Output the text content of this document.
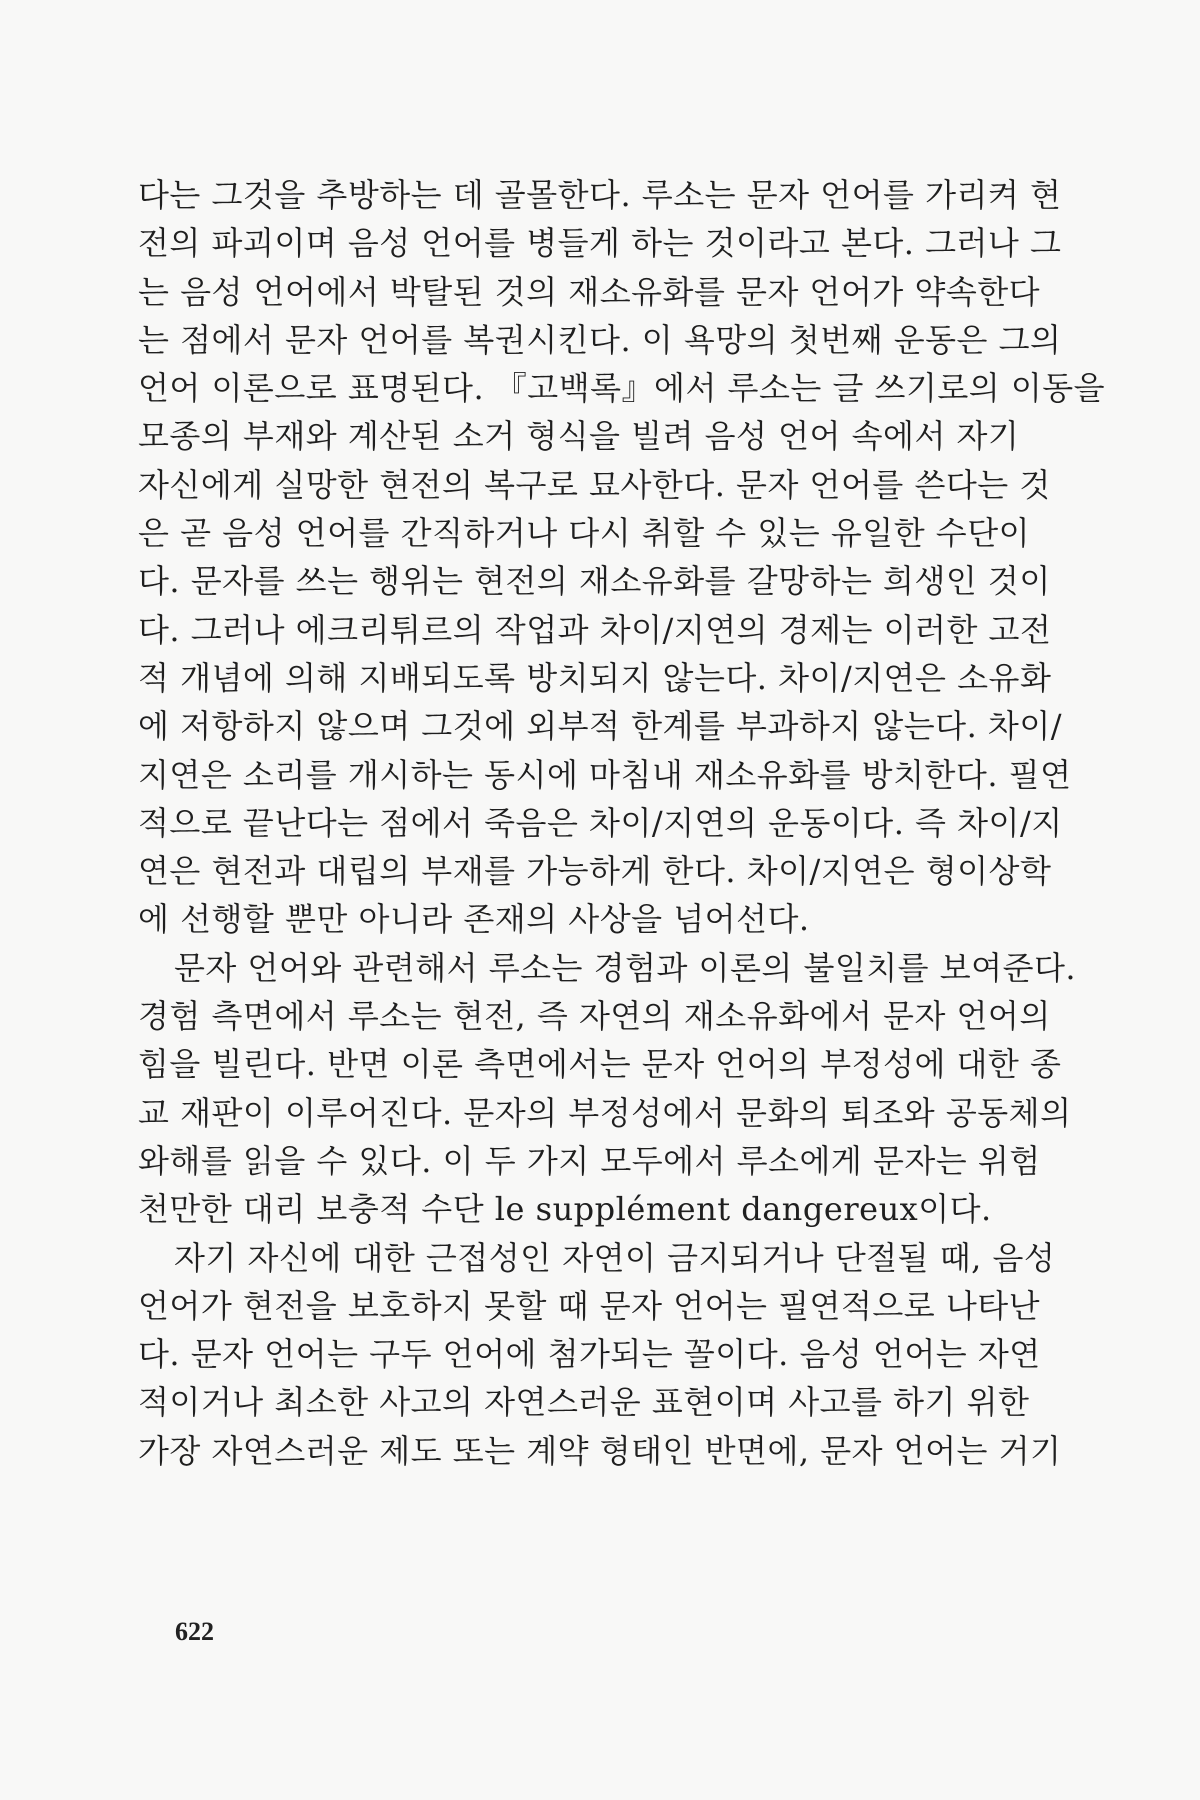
다는 그것을 추방하는 데 골몰한다. 루소는 문자 언어를 가리켜 현
전의 파괴이며 음성 언어를 병들게 하는 것이라고 본다. 그러나 그
는 음성 언어에서 박탈된 것의 재소유화를 문자 언어가 약속한다
는 점에서 문자 언어를 복권시킨다. 이 욕망의 첫번째 운동은 그의
언어 이론으로 표명된다. 『고백록』에서 루소는 글 쓰기로의 이동을
모종의 부재와 계산된 소거 형식을 빌려 음성 언어 속에서 자기
자신에게 실망한 현전의 복구로 묘사한다. 문자 언어를 쓴다는 것
은 곧 음성 언어를 간직하거나 다시 취할 수 있는 유일한 수단이
다. 문자를 쓰는 행위는 현전의 재소유화를 갈망하는 희생인 것이
다. 그러나 에크리튀르의 작업과 차이/지연의 경제는 이러한 고전
적 개념에 의해 지배되도록 방치되지 않는다. 차이/지연은 소유화
에 저항하지 않으며 그것에 외부적 한계를 부과하지 않는다. 차이/
지연은 소리를 개시하는 동시에 마침내 재소유화를 방치한다. 필연
적으로 끝난다는 점에서 죽음은 차이/지연의 운동이다. 즉 차이/지
연은 현전과 대립의 부재를 가능하게 한다. 차이/지연은 형이상학
에 선행할 뿐만 아니라 존재의 사상을 넘어선다.
문자 언어와 관련해서 루소는 경험과 이론의 불일치를 보여준다.
경험 측면에서 루소는 현전, 즉 자연의 재소유화에서 문자 언어의
힘을 빌린다. 반면 이론 측면에서는 문자 언어의 부정성에 대한 종
교 재판이 이루어진다. 문자의 부정성에서 문화의 퇴조와 공동체의
와해를 읽을 수 있다. 이 두 가지 모두에서 루소에게 문자는 위험
천만한 대리 보충적 수단 le supplément dangereux이다.
자기 자신에 대한 근접성인 자연이 금지되거나 단절될 때, 음성
언어가 현전을 보호하지 못할 때 문자 언어는 필연적으로 나타난
다. 문자 언어는 구두 언어에 첨가되는 꼴이다. 음성 언어는 자연
적이거나 최소한 사고의 자연스러운 표현이며 사고를 하기 위한
가장 자연스러운 제도 또는 계약 형태인 반면에, 문자 언어는 거기
622
